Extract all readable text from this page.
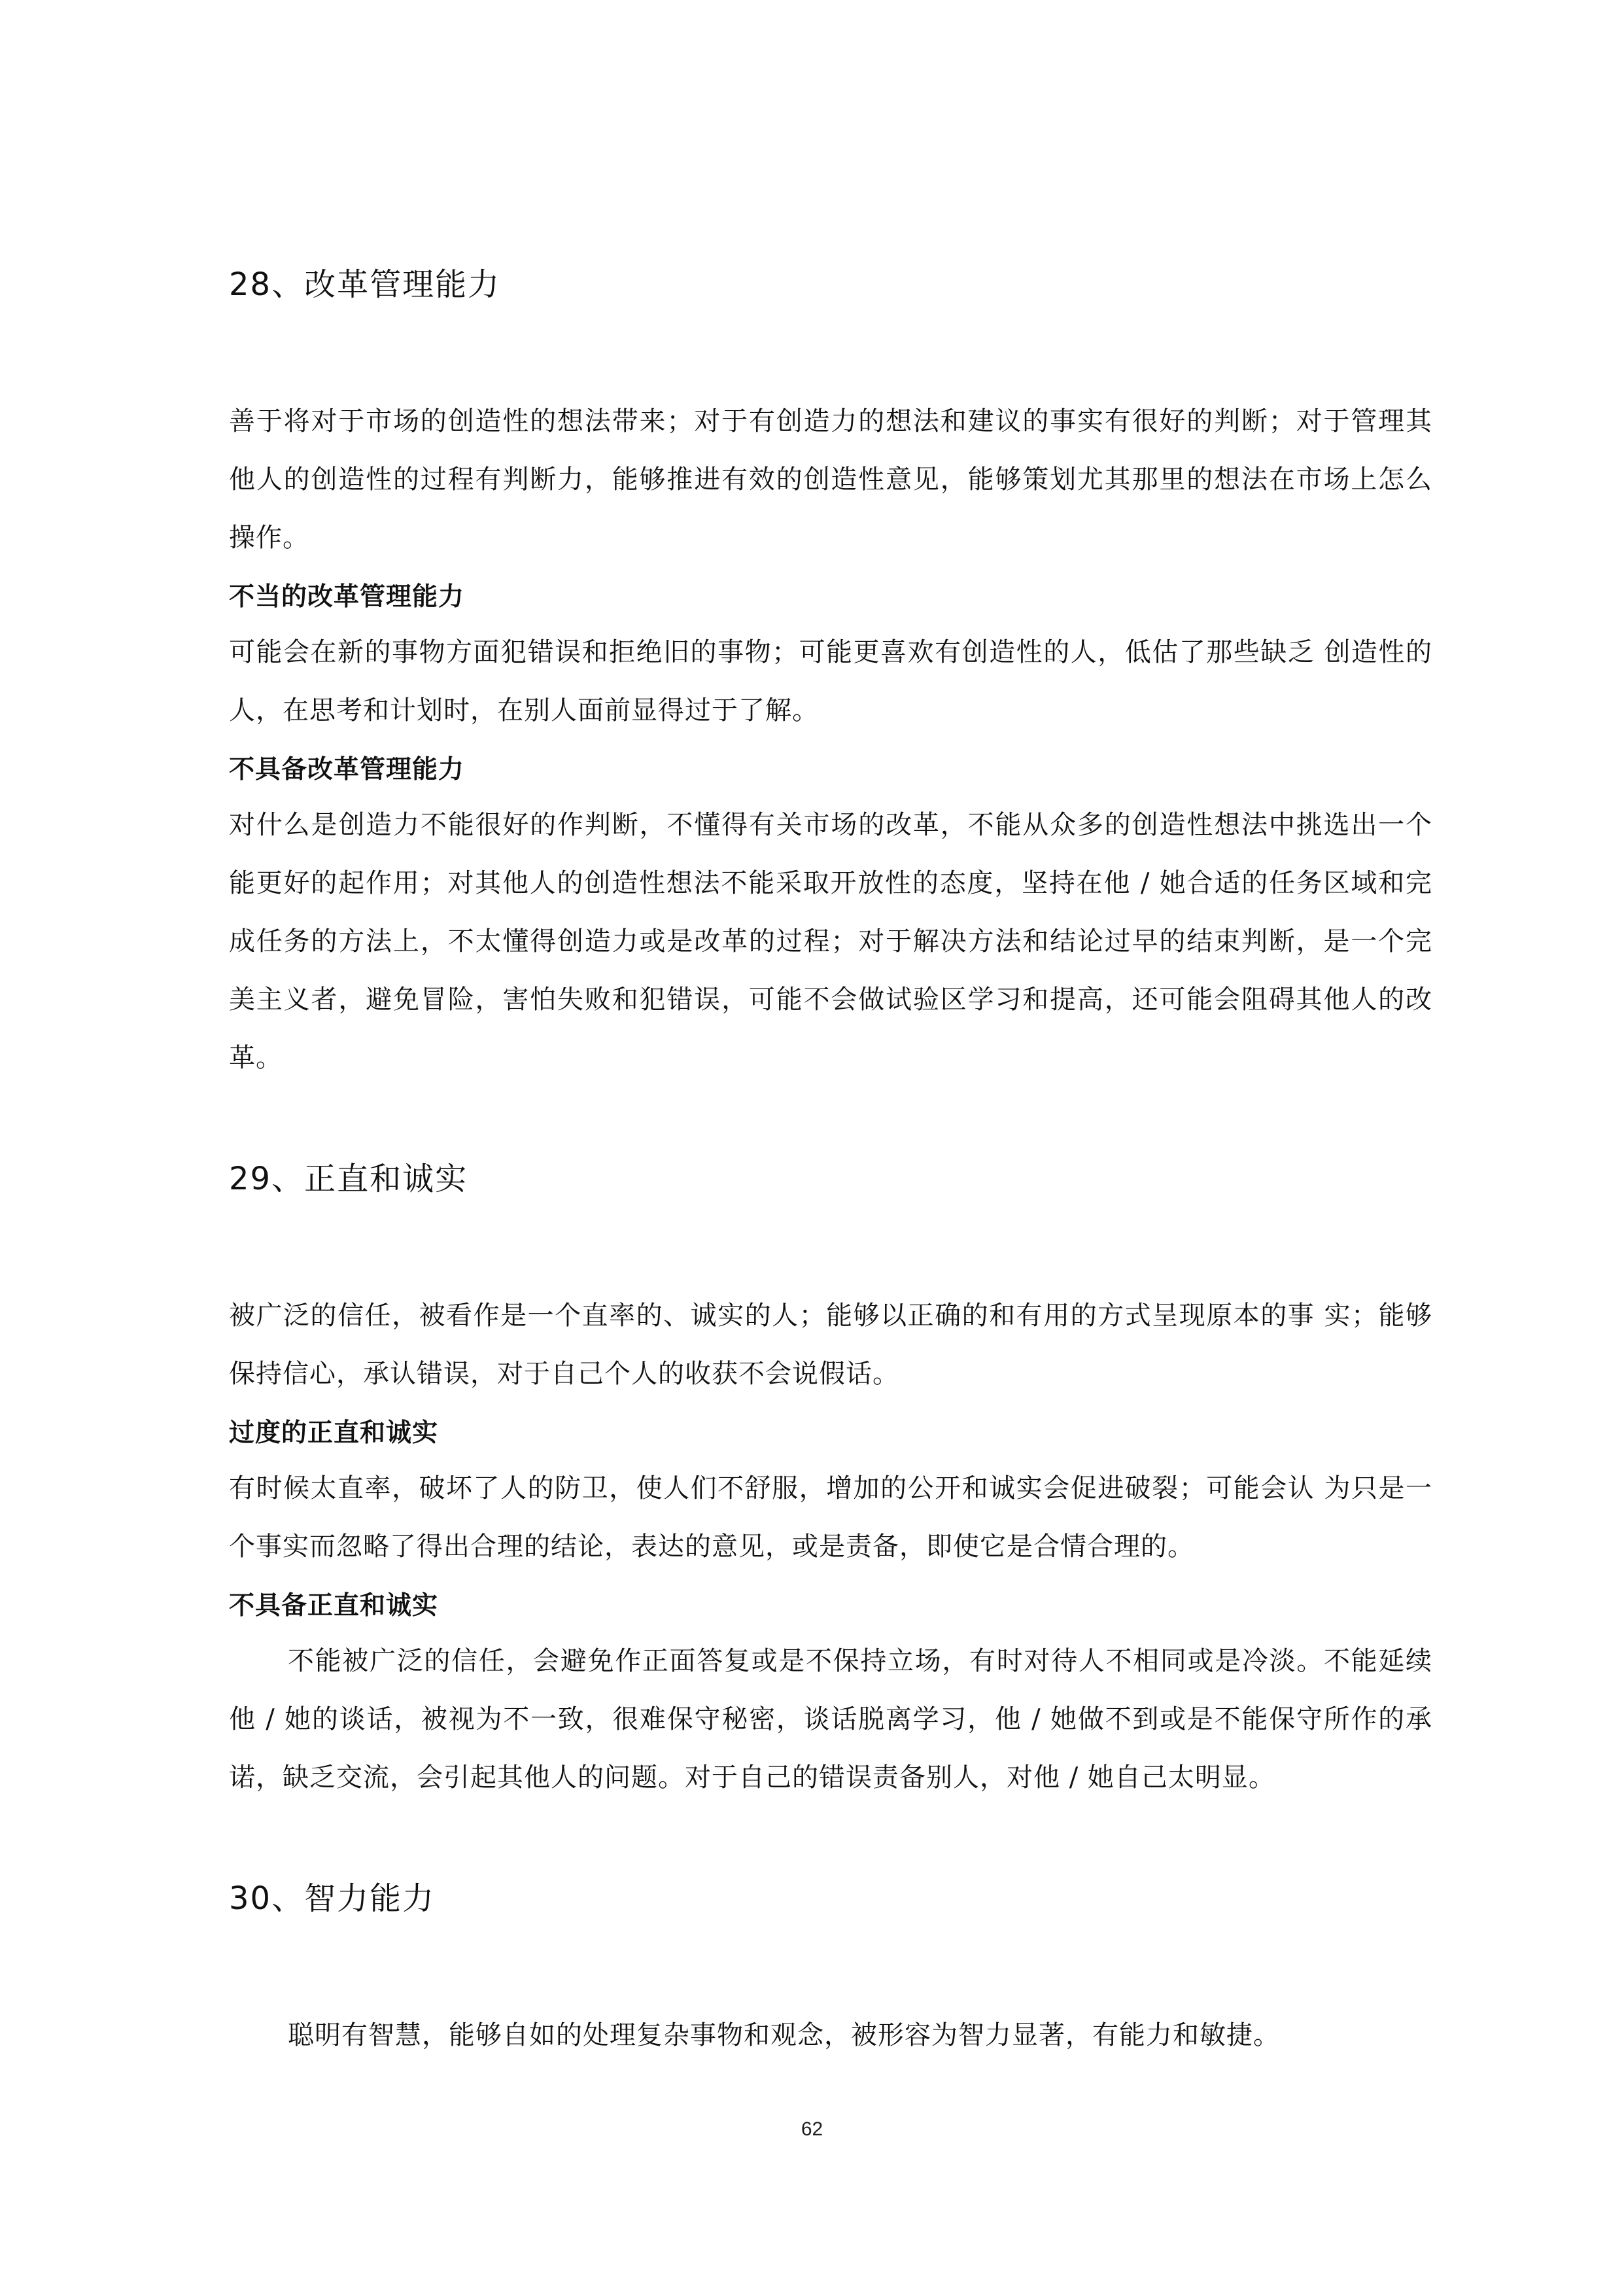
28、改革管理能力

善于将对于市场的创造性的想法带来；对于有创造力的想法和建议的事实有很好的判断；对于管理其他人的创造性的过程有判断力，能够推进有效的创造性意见，能够策划尤其那里的想法在市场上怎么操作。

不当的改革管理能力

可能会在新的事物方面犯错误和拒绝旧的事物；可能更喜欢有创造性的人，低估了那些缺乏 创造性的人，在思考和计划时，在别人面前显得过于了解。

不具备改革管理能力

对什么是创造力不能很好的作判断，不懂得有关市场的改革，不能从众多的创造性想法中挑选出一个能更好的起作用；对其他人的创造性想法不能采取开放性的态度，坚持在他 / 她合适的任务区域和完成任务的方法上，不太懂得创造力或是改革的过程；对于解决方法和结论过早的结束判断，是一个完美主义者，避免冒险，害怕失败和犯错误，可能不会做试验区学习和提高，还可能会阻碍其他人的改革。

29、正直和诚实

被广泛的信任，被看作是一个直率的、诚实的人；能够以正确的和有用的方式呈现原本的事 实；能够保持信心，承认错误，对于自己个人的收获不会说假话。

过度的正直和诚实

有时候太直率，破坏了人的防卫，使人们不舒服，增加的公开和诚实会促进破裂；可能会认 为只是一个事实而忽略了得出合理的结论，表达的意见，或是责备，即使它是合情合理的。

不具备正直和诚实

不能被广泛的信任，会避免作正面答复或是不保持立场，有时对待人不相同或是冷淡。不能延续他 / 她的谈话，被视为不一致，很难保守秘密，谈话脱离学习，他 / 她做不到或是不能保守所作的承诺，缺乏交流，会引起其他人的问题。对于自己的错误责备别人，对他 / 她自己太明显。

30、智力能力

聪明有智慧，能够自如的处理复杂事物和观念，被形容为智力显著，有能力和敏捷。

62
